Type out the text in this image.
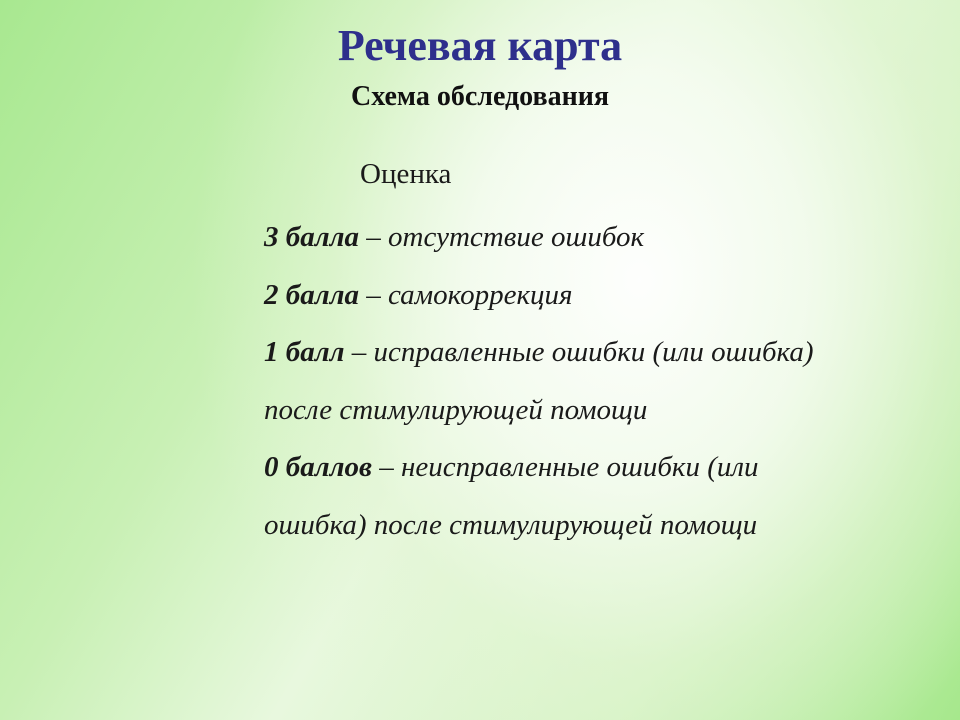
Речевая карта
Схема обследования
Оценка
3 балла – отсутствие ошибок
2 балла – самокоррекция
1 балл – исправленные ошибки (или ошибка) после стимулирующей помощи
0 баллов – неисправленные ошибки (или ошибка) после стимулирующей помощи
